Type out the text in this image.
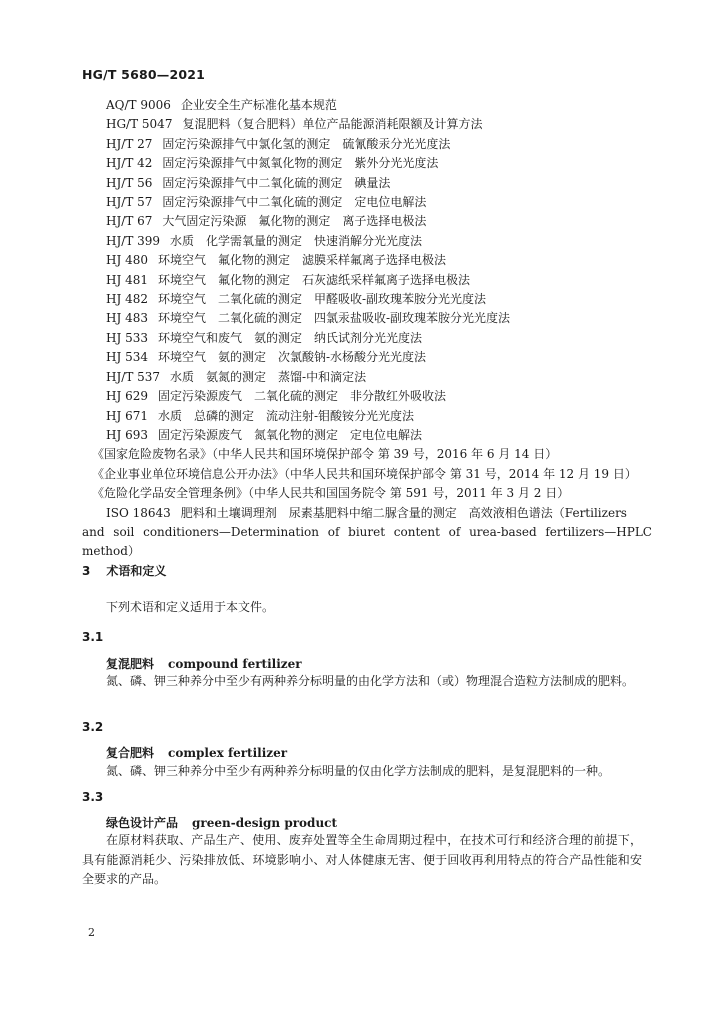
HG/T 5680—2021
AQ/T 9006 企业安全生产标准化基本规范
HG/T 5047 复混肥料（复合肥料）单位产品能源消耗限额及计算方法
HJ/T 27 固定污染源排气中氯化氢的测定　硫氰酸汞分光光度法
HJ/T 42 固定污染源排气中氮氧化物的测定　紫外分光光度法
HJ/T 56 固定污染源排气中二氧化硫的测定　碘量法
HJ/T 57 固定污染源排气中二氧化硫的测定　定电位电解法
HJ/T 67 大气固定污染源　氟化物的测定　离子选择电极法
HJ/T 399 水质　化学需氧量的测定　快速消解分光光度法
HJ 480 环境空气　氟化物的测定　滤膜采样氟离子选择电极法
HJ 481 环境空气　氟化物的测定　石灰滤纸采样氟离子选择电极法
HJ 482 环境空气　二氧化硫的测定　甲醛吸收-副玫瑰苯胺分光光度法
HJ 483 环境空气　二氧化硫的测定　四氯汞盐吸收-副玫瑰苯胺分光光度法
HJ 533 环境空气和废气　氨的测定　纳氏试剂分光光度法
HJ 534 环境空气　氨的测定　次氯酸钠-水杨酸分光光度法
HJ/T 537 水质　氨氮的测定　蒸馏-中和滴定法
HJ 629 固定污染源废气　二氧化硫的测定　非分散红外吸收法
HJ 671 水质　总磷的测定　流动注射-钼酸铵分光光度法
HJ 693 固定污染源废气　氮氧化物的测定　定电位电解法
《国家危险废物名录》（中华人民共和国环境保护部令 第 39 号，2016 年 6 月 14 日）
《企业事业单位环境信息公开办法》（中华人民共和国环境保护部令 第 31 号，2014 年 12 月 19 日）
《危险化学品安全管理条例》（中华人民共和国国务院令 第 591 号，2011 年 3 月 2 日）
ISO 18643 肥料和土壤调理剂　尿素基肥料中缩二脲含量的测定　高效液相色谱法（Fertilizers
and soil conditioners—Determination of biuret content of urea-based fertilizers—HPLC method）
3 术语和定义
下列术语和定义适用于本文件。
3.1
复混肥料 compound fertilizer
氮、磷、钾三种养分中至少有两种养分标明量的由化学方法和（或）物理混合造粒方法制成的肥料。
3.2
复合肥料 complex fertilizer
氮、磷、钾三种养分中至少有两种养分标明量的仅由化学方法制成的肥料，是复混肥料的一种。
3.3
绿色设计产品 green-design product
在原材料获取、产品生产、使用、废弃处置等全生命周期过程中，在技术可行和经济合理的前提下，具有能源消耗少、污染排放低、环境影响小、对人体健康无害、便于回收再利用特点的符合产品性能和安全要求的产品。
2
